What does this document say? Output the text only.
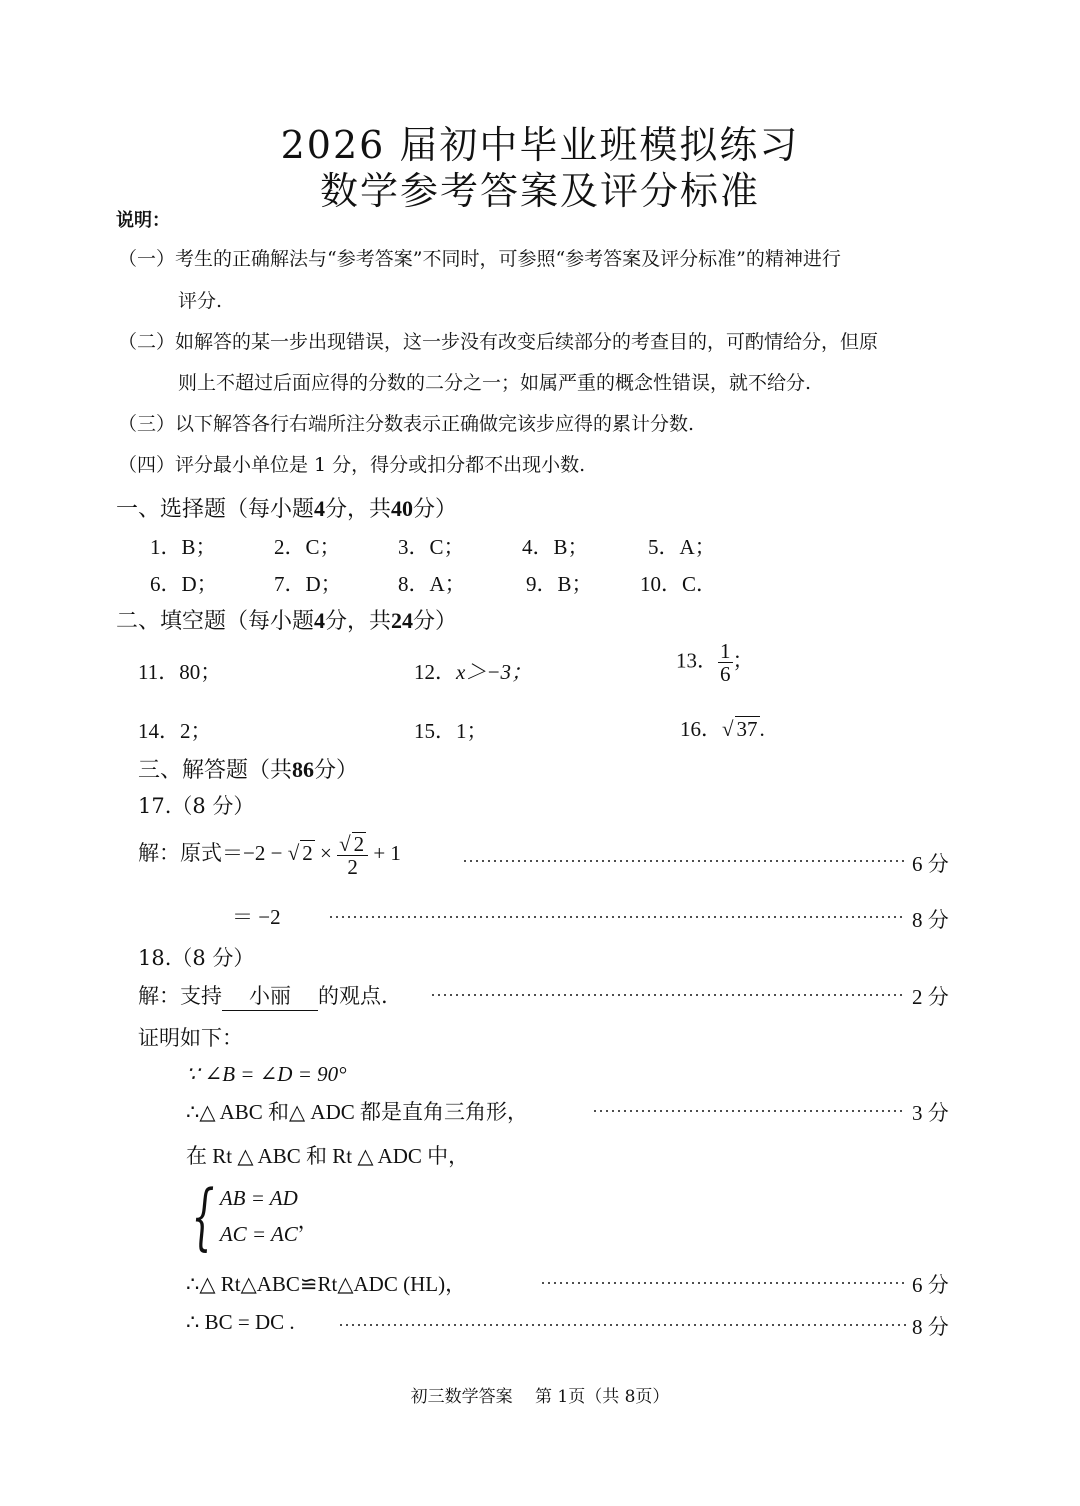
2026 届初中毕业班模拟练习
数学参考答案及评分标准
说明：
（一）考生的正确解法与“参考答案”不同时，可参照“参考答案及评分标准”的精神进行
评分.
（二）如解答的某一步出现错误，这一步没有改变后续部分的考查目的，可酌情给分，但原
则上不超过后面应得的分数的二分之一；如属严重的概念性错误，就不给分.
（三）以下解答各行右端所注分数表示正确做完该步应得的累计分数.
（四）评分最小单位是 1 分，得分或扣分都不出现小数.
一、选择题（每小题4分，共40分）
1．B；	2．C；	3．C；	4．B；	5．A；
6．D；	7．D；	8．A；	9．B； 10．C．
二、填空题（每小题4分，共24分）
11．80；	12．x＞−3；	13． $\frac{1}{6}$ ；
14．2；	15．1；	16．√ 37.
三、解答题（共86分）
17.（8 分）
解：原式＝−2 − √ $2 \times \frac{√ 2}{2} + 1$	6 分
＝ −2	8 分
18.（8 分）
解：支持 小丽 的观点.	2 分
证明如下：
∵ ∠B = ∠D = 90°
∴△ ABC 和△ ADC 都是直角三角形，	3 分
在 Rt △ ABC 和 Rt △ ADC 中，
{ AB = AD
AC = AC
，
∴△ Rt△ABC≌Rt△ADC (HL)，	6 分
∴ BC = DC .	8 分
初三数学答案　 第 1页（共 8页）
